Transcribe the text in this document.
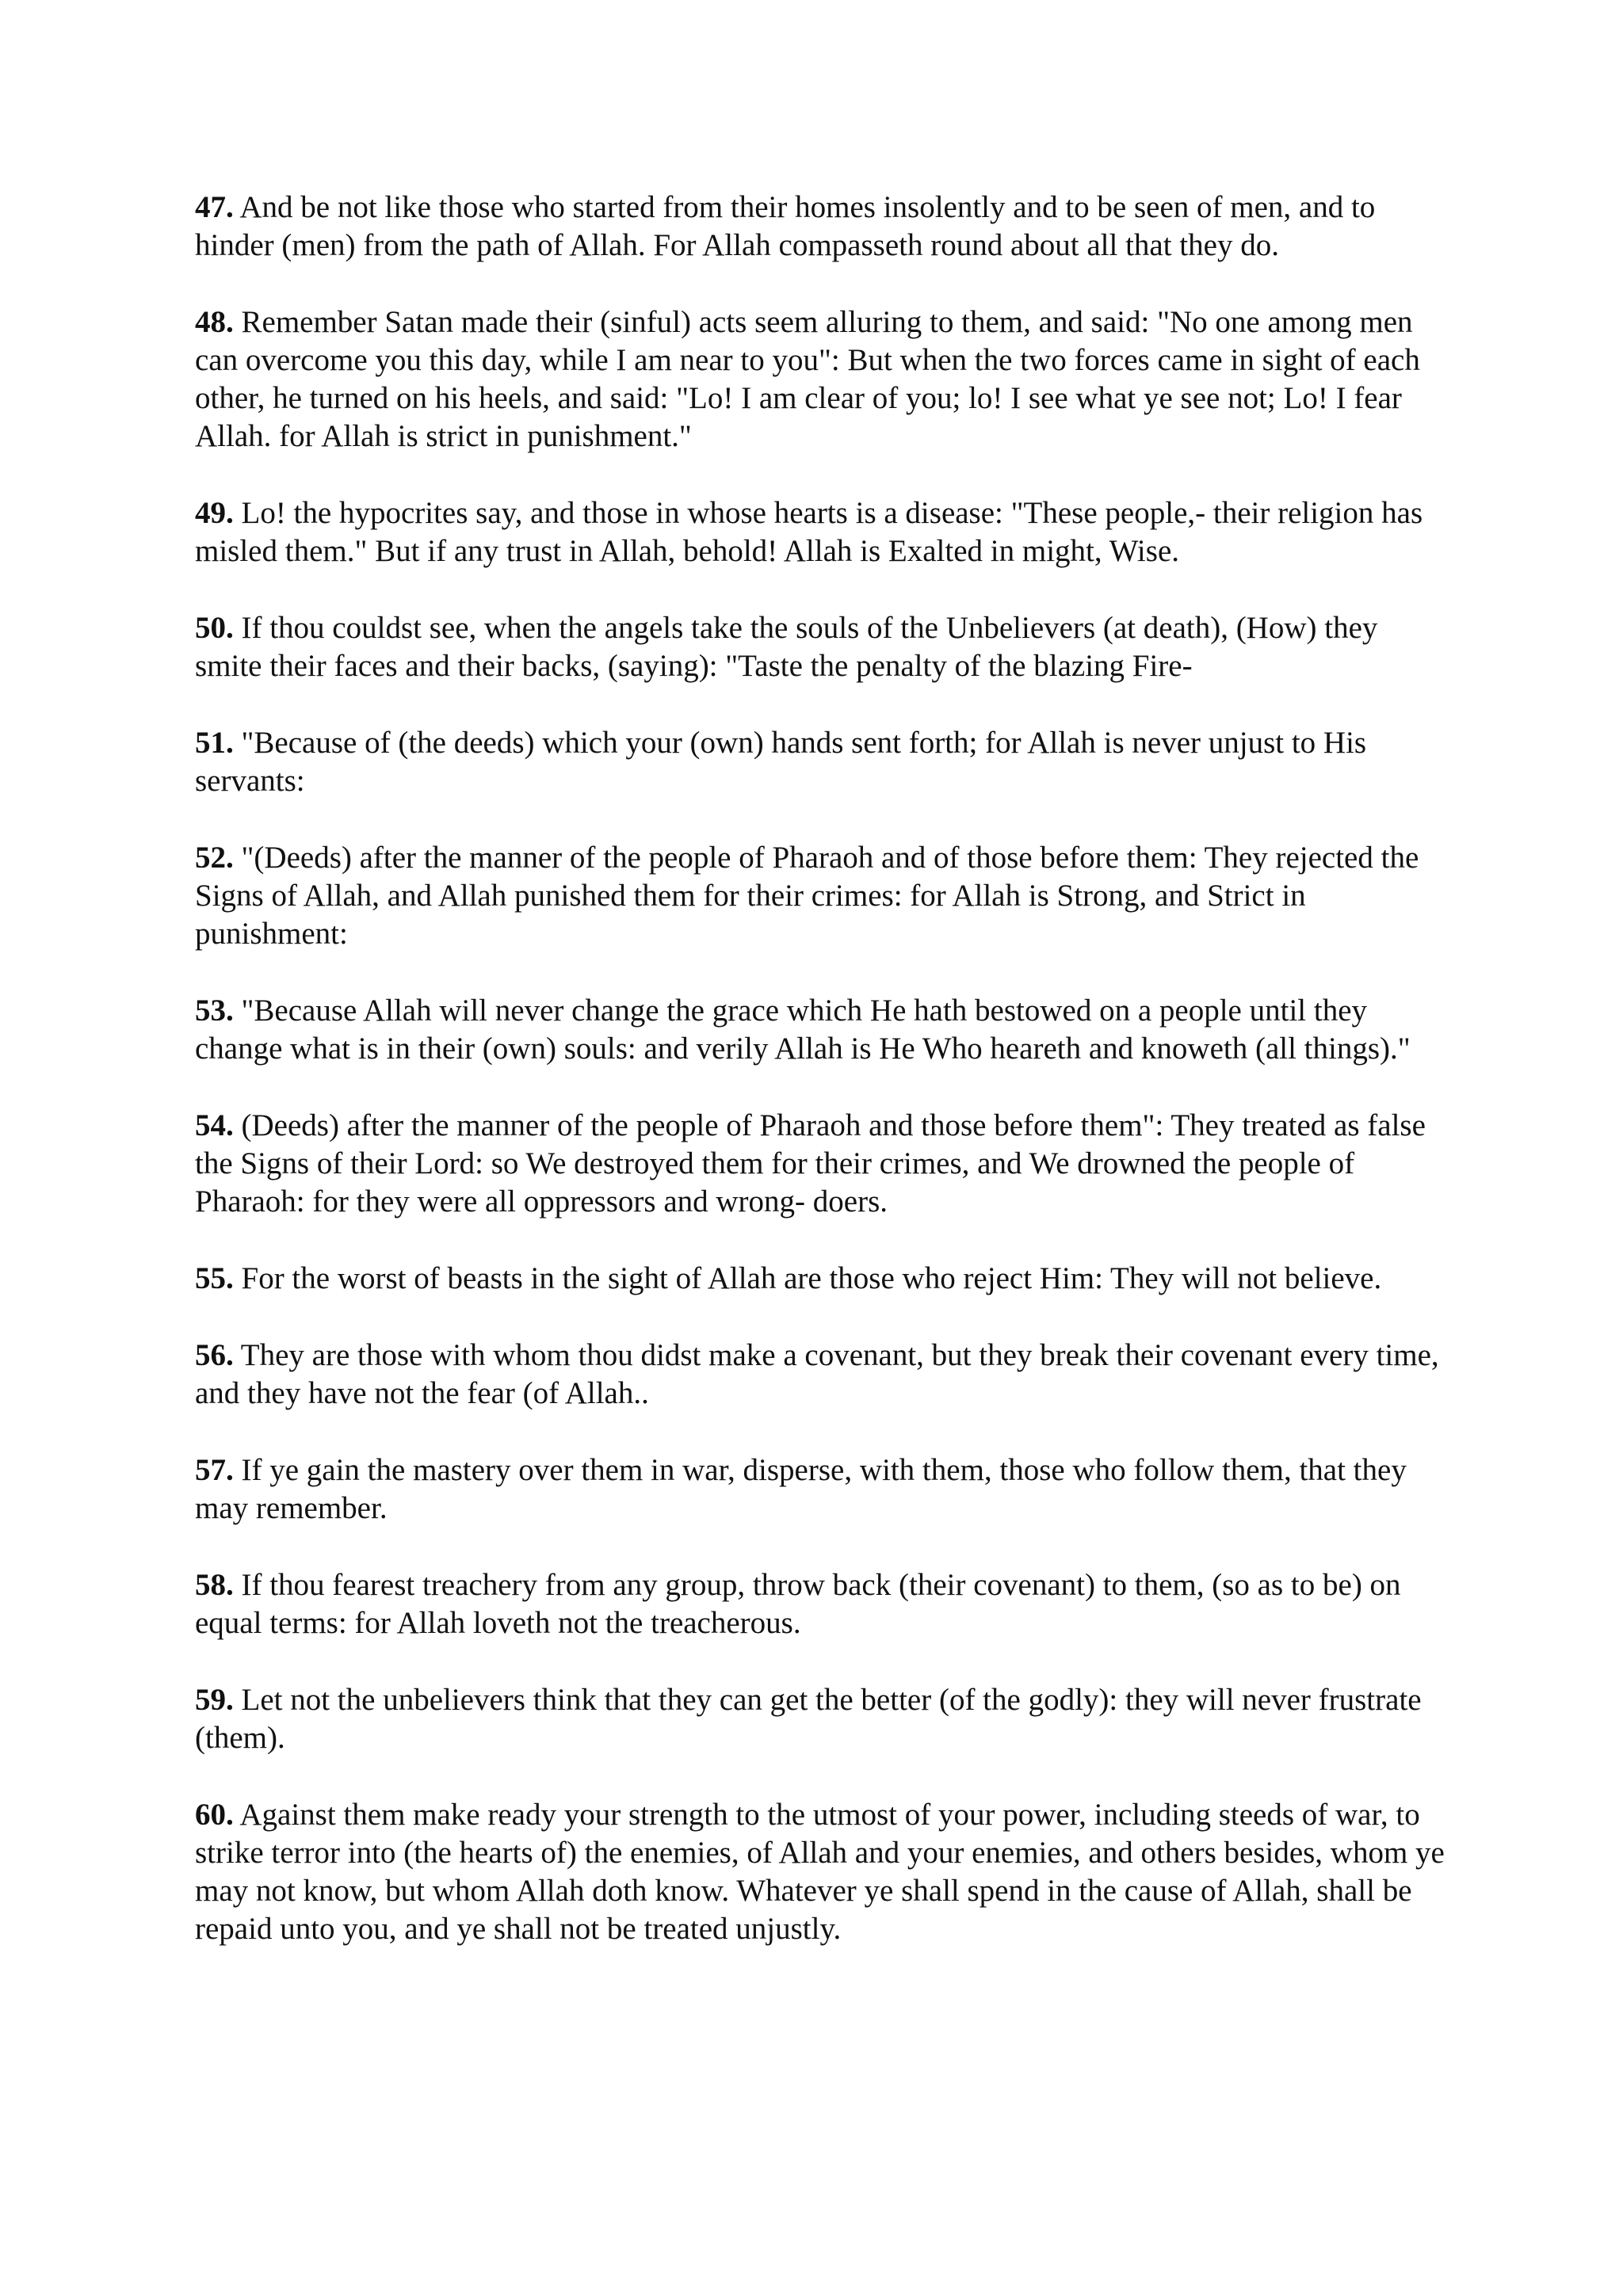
47. And be not like those who started from their homes insolently and to be seen of men, and to hinder (men) from the path of Allah. For Allah compasseth round about all that they do.

48. Remember Satan made their (sinful) acts seem alluring to them, and said: "No one among men can overcome you this day, while I am near to you": But when the two forces came in sight of each other, he turned on his heels, and said: "Lo! I am clear of you; lo! I see what ye see not; Lo! I fear Allah. for Allah is strict in punishment."

49. Lo! the hypocrites say, and those in whose hearts is a disease: "These people,- their religion has misled them." But if any trust in Allah, behold! Allah is Exalted in might, Wise.

50. If thou couldst see, when the angels take the souls of the Unbelievers (at death), (How) they smite their faces and their backs, (saying): "Taste the penalty of the blazing Fire-

51. "Because of (the deeds) which your (own) hands sent forth; for Allah is never unjust to His servants:

52. "(Deeds) after the manner of the people of Pharaoh and of those before them: They rejected the Signs of Allah, and Allah punished them for their crimes: for Allah is Strong, and Strict in punishment:

53. "Because Allah will never change the grace which He hath bestowed on a people until they change what is in their (own) souls: and verily Allah is He Who heareth and knoweth (all things)."

54. (Deeds) after the manner of the people of Pharaoh and those before them": They treated as false the Signs of their Lord: so We destroyed them for their crimes, and We drowned the people of Pharaoh: for they were all oppressors and wrong- doers.

55. For the worst of beasts in the sight of Allah are those who reject Him: They will not believe.

56. They are those with whom thou didst make a covenant, but they break their covenant every time, and they have not the fear (of Allah..

57. If ye gain the mastery over them in war, disperse, with them, those who follow them, that they may remember.

58. If thou fearest treachery from any group, throw back (their covenant) to them, (so as to be) on equal terms: for Allah loveth not the treacherous.

59. Let not the unbelievers think that they can get the better (of the godly): they will never frustrate (them).

60. Against them make ready your strength to the utmost of your power, including steeds of war, to strike terror into (the hearts of) the enemies, of Allah and your enemies, and others besides, whom ye may not know, but whom Allah doth know. Whatever ye shall spend in the cause of Allah, shall be repaid unto you, and ye shall not be treated unjustly.
